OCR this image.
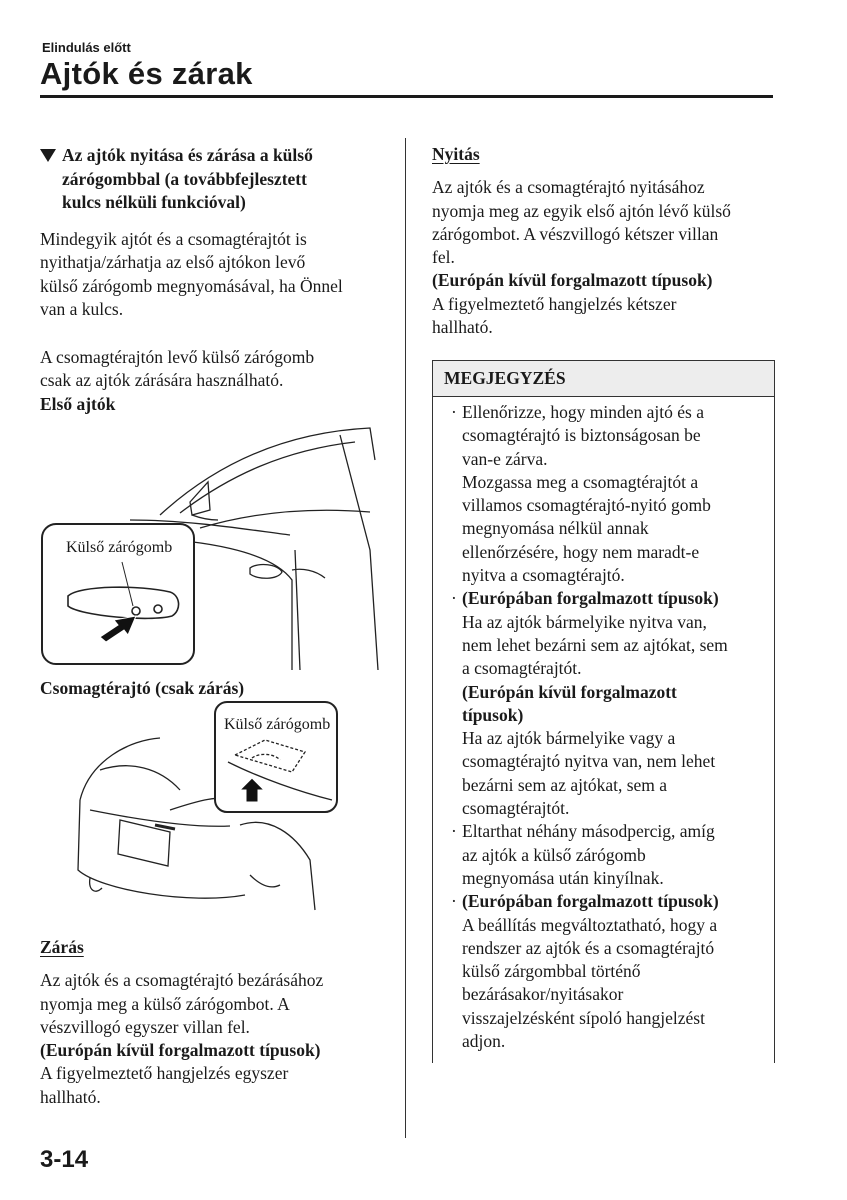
Elindulás előtt
Ajtók és zárak
Az ajtók nyitása és zárása a külső
zárógombbal (a továbbfejlesztett
kulcs nélküli funkcióval)

Mindegyik ajtót és a csomagtérajtót is

nyithatja/zárhatja az első ajtókon levő

külső zárógomb megnyomásával, ha Önnel

van a kulcs.

A csomagtérajtón levő külső zárógomb

csak az ajtók zárására használható.

Első ajtók

Külső zárógomb
Csomagtérajtó (csak zárás)
Külső zárógomb

Zárás

Az ajtók és a csomagtérajtó bezárásához

nyomja meg a külső zárógombot. A

vészvillogó egyszer villan fel.

(Európán kívül forgalmazott típusok)

A figyelmeztető hangjelzés egyszer

hallható.

Nyitás

Az ajtók és a csomagtérajtó nyitásához

nyomja meg az egyik első ajtón lévő külső

zárógombot. A vészvillogó kétszer villan

fel.

(Európán kívül forgalmazott típusok)

A figyelmeztető hangjelzés kétszer

hallható.

MEGJEGYZÉS
· Ellenőrizze, hogy minden ajtó és a

csomagtérajtó is biztonságosan be

van-e zárva.

Mozgassa meg a csomagtérajtót a

villamos csomagtérajtó-nyitó gomb

megnyomása nélkül annak

ellenőrzésére, hogy nem maradt-e

nyitva a csomagtérajtó.

· (Európában forgalmazott típusok)

Ha az ajtók bármelyike nyitva van,

nem lehet bezárni sem az ajtókat, sem

a csomagtérajtót.

(Európán kívül forgalmazott

típusok)

Ha az ajtók bármelyike vagy a

csomagtérajtó nyitva van, nem lehet

bezárni sem az ajtókat, sem a

csomagtérajtót.

· Eltarthat néhány másodpercig, amíg

az ajtók a külső zárógomb

megnyomása után kinyílnak.

· (Európában forgalmazott típusok)

A beállítás megváltoztatható, hogy a

rendszer az ajtók és a csomagtérajtó

külső zárgombbal történő

bezárásakor/nyitásakor

visszajelzésként sípoló hangjelzést

adjon.

3-14
